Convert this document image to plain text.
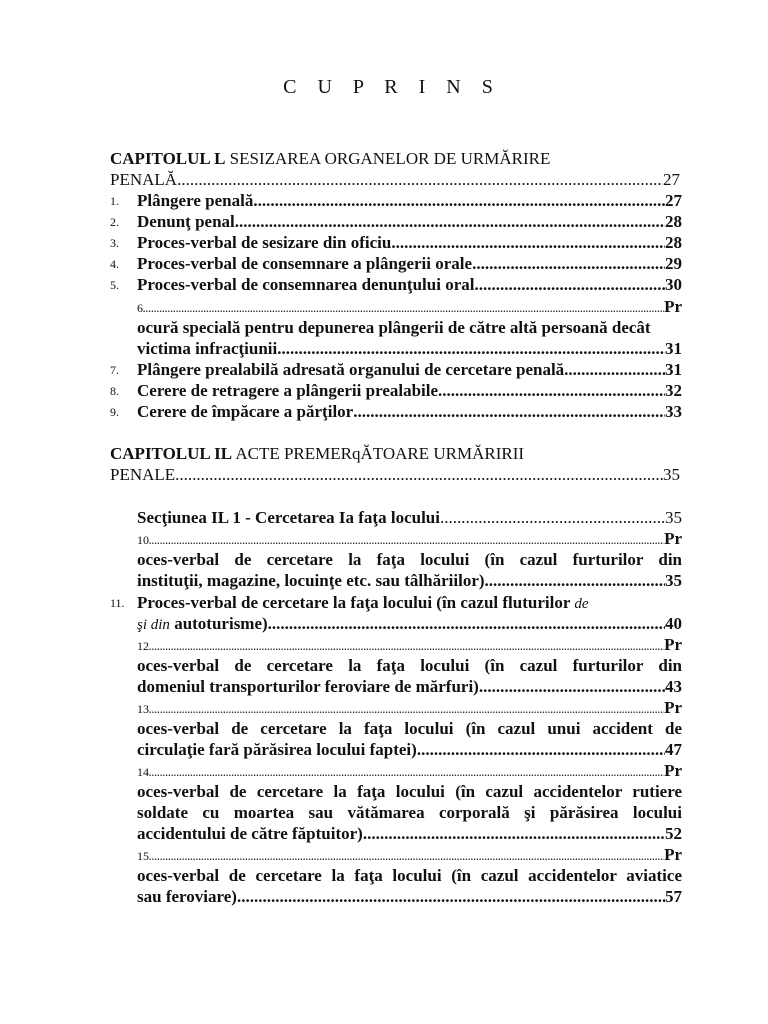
C U P R I N S
CAPITOLUL L SESIZAREA ORGANELOR DE URMĂRIRE
PENALĂ .....	27
1. Plângere penală .....	27
2. Denunţ penal .....	28
3. Proces-verbal de sesizare din oficiu .....	28
4. Proces-verbal de consemnare a plângerii orale .....	29
5. Proces-verbal de consemnarea denunţului oral .....	30
6 .....	Pr
ocură specială pentru depunerea plângerii de către altă persoană decât
victima infracţiunii .....	31
7. Plângere prealabilă adresată organului de cercetare penală .....	31
8. Cerere de retragere a plângerii prealabile .....	32
9. Cerere de împăcare a părţilor .....	33
CAPITOLUL IL ACTE PREMERqĂTOARE URMĂRIRII
PENALE .....	35
Secţiunea IL 1 - Cercetarea Ia faţa locului .....	35
10 .....	Pr
oces-verbal de cercetare la faţa locului (în cazul furturilor din
instituţii, magazine, locuinţe etc. sau tâlhăriilor) .....	35
11. Proces-verbal de cercetare la faţa locului (în cazul fluturilor de
şi din autoturisme) .....	40
12 .....	Pr
oces-verbal de cercetare la faţa locului (în cazul furturilor din
domeniul transporturilor feroviare de mărfuri) .....	43
13 .....	Pr
oces-verbal de cercetare la faţa locului (în cazul unui accident de
circulaţie fară părăsirea locului faptei) .....	47
14 .....	Pr
oces-verbal de cercetare la faţa locului (în cazul accidentelor rutiere
soldate cu moartea sau vătămarea corporală şi părăsirea locului
accidentului de către făptuitor) .....	52
15 .....	Pr
oces-verbal de cercetare la faţa locului (în cazul accidentelor aviatice
sau feroviare) .....	57
